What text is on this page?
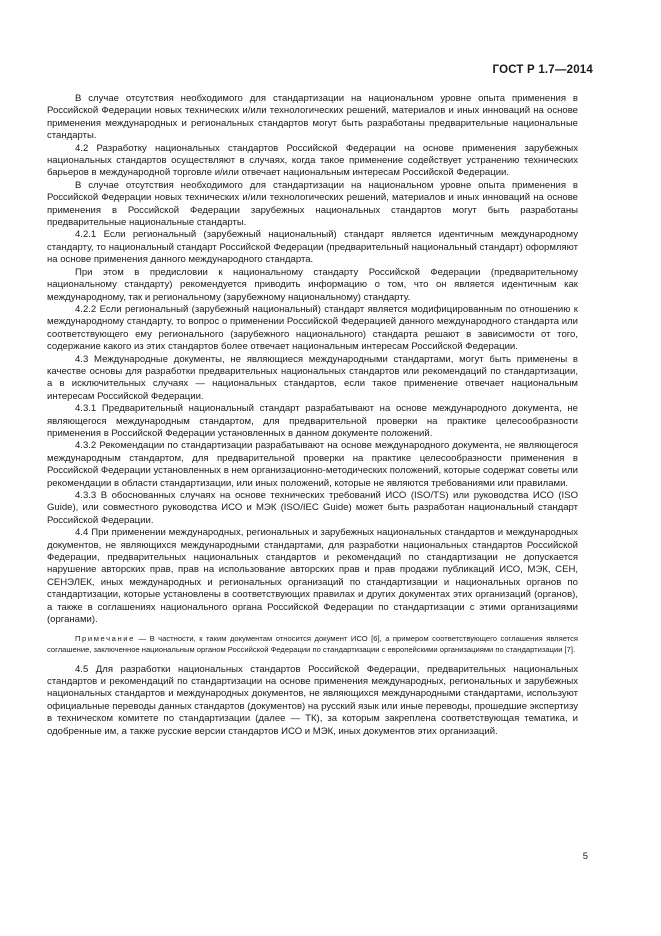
ГОСТ Р 1.7—2014

В случае отсутствия необходимого для стандартизации на национальном уровне опыта применения в Российской Федерации новых технических и/или технологических решений, материалов и иных инноваций на основе применения международных и региональных стандартов могут быть разработаны предварительные национальные стандарты.

4.2 Разработку национальных стандартов Российской Федерации на основе применения зарубежных национальных стандартов осуществляют в случаях, когда такое применение содействует устранению технических барьеров в международной торговле и/или отвечает национальным интересам Российской Федерации.

В случае отсутствия необходимого для стандартизации на национальном уровне опыта применения в Российской Федерации новых технических и/или технологических решений, материалов и иных инноваций на основе применения в Российской Федерации зарубежных национальных стандартов могут быть разработаны предварительные национальные стандарты.

4.2.1 Если региональный (зарубежный национальный) стандарт является идентичным международному стандарту, то национальный стандарт Российской Федерации (предварительный национальный стандарт) оформляют на основе применения данного международного стандарта.

При этом в предисловии к национальному стандарту Российской Федерации (предварительному национальному стандарту) рекомендуется приводить информацию о том, что он является идентичным как международному, так и региональному (зарубежному национальному) стандарту.

4.2.2 Если региональный (зарубежный национальный) стандарт является модифицированным по отношению к международному стандарту, то вопрос о применении Российской Федерацией данного международного стандарта или соответствующего ему регионального (зарубежного национального) стандарта решают в зависимости от того, содержание какого из этих стандартов более отвечает национальным интересам Российской Федерации.

4.3 Международные документы, не являющиеся международными стандартами, могут быть применены в качестве основы для разработки предварительных национальных стандартов или рекомендаций по стандартизации, а в исключительных случаях — национальных стандартов, если такое применение отвечает национальным интересам Российской Федерации.

4.3.1 Предварительный национальный стандарт разрабатывают на основе международного документа, не являющегося международным стандартом, для предварительной проверки на практике целесообразности применения в Российской Федерации установленных в данном документе положений.

4.3.2 Рекомендации по стандартизации разрабатывают на основе международного документа, не являющегося международным стандартом, для предварительной проверки на практике целесообразности применения в Российской Федерации установленных в нем организационно-методических положений, которые содержат советы или рекомендации в области стандартизации, или иных положений, которые не являются требованиями или правилами.

4.3.3 В обоснованных случаях на основе технических требований ИСО (ISO/TS) или руководства ИСО (ISO Guide), или совместного руководства ИСО и МЭК (ISO/IEC Guide) может быть разработан национальный стандарт Российской Федерации.

4.4 При применении международных, региональных и зарубежных национальных стандартов и международных документов, не являющихся международными стандартами, для разработки национальных стандартов Российской Федерации, предварительных национальных стандартов и рекомендаций по стандартизации не допускается нарушение авторских прав, прав на использование авторских прав и прав продажи публикаций ИСО, МЭК, СЕН, СЕНЭЛЕК, иных международных и региональных организаций по стандартизации и национальных органов по стандартизации, которые установлены в соответствующих правилах и других документах этих организаций (органов), а также в соглашениях национального органа Российской Федерации по стандартизации с этими организациями (органами).

Примечание — В частности, к таким документам относится документ ИСО [6], а примером соответствующего соглашения является соглашение, заключенное национальным органом Российской Федерации по стандартизации с европейскими организациями по стандартизации [7].

4.5 Для разработки национальных стандартов Российской Федерации, предварительных национальных стандартов и рекомендаций по стандартизации на основе применения международных, региональных и зарубежных национальных стандартов и международных документов, не являющихся международными стандартами, используют официальные переводы данных стандартов (документов) на русский язык или иные переводы, прошедшие экспертизу в техническом комитете по стандартизации (далее — ТК), за которым закреплена соответствующая тематика, и одобренные им, а также русские версии стандартов ИСО и МЭК, иных документов этих организаций.

5
